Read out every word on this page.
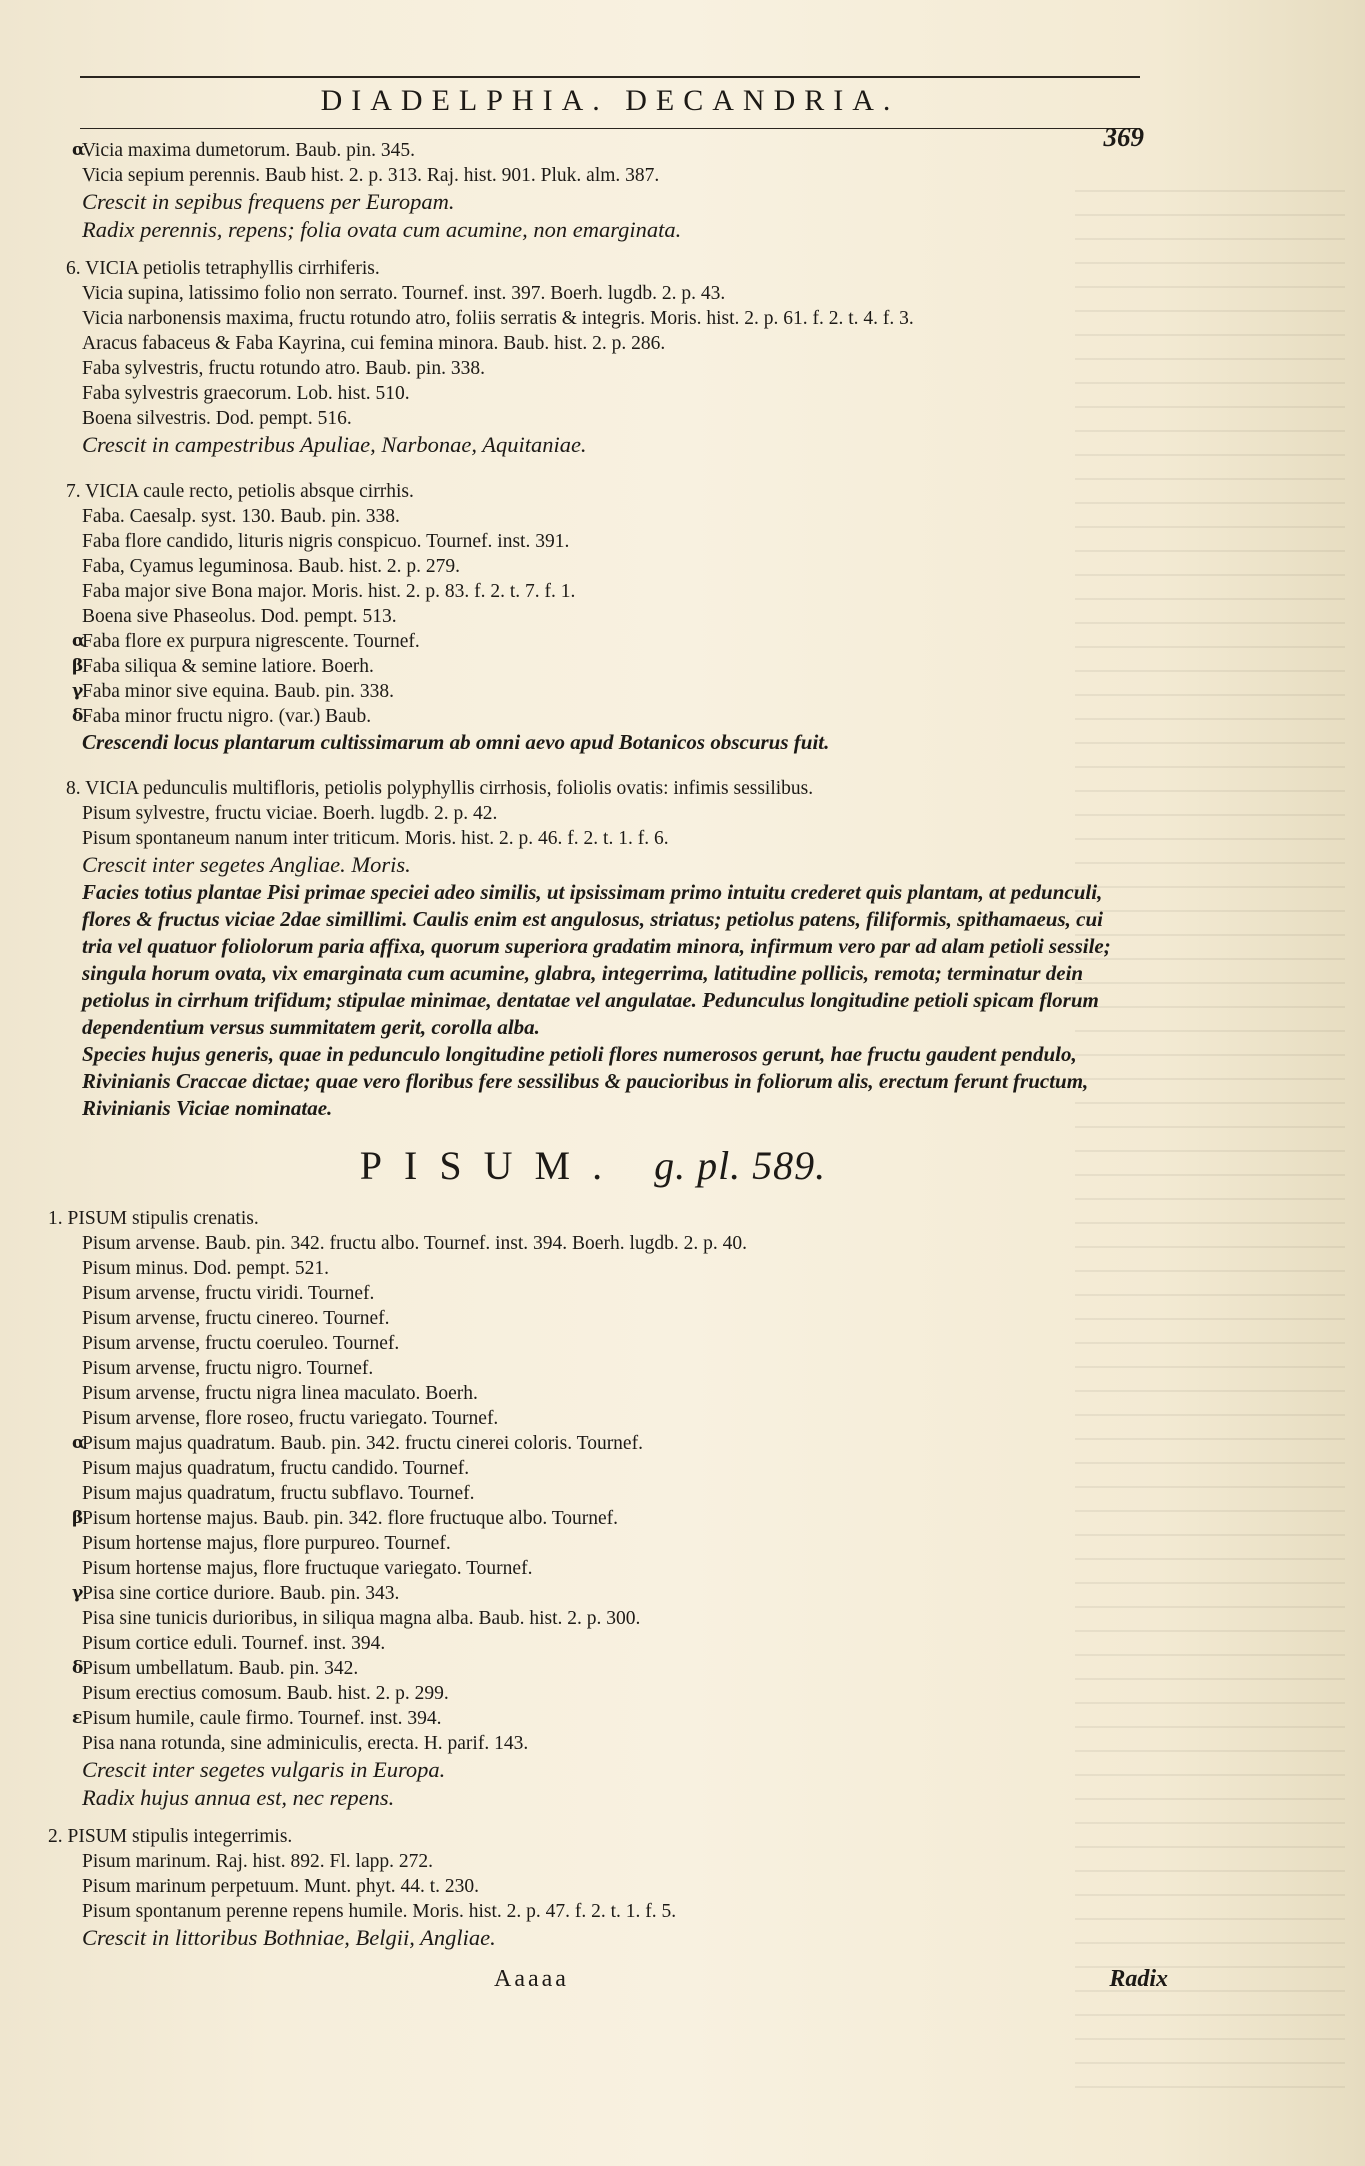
DIADELPHIA. DECANDRIA.
369
α
Vicia maxima dumetorum. Baub. pin. 345.
Vicia sepium perennis. Baub hist. 2. p. 313. Raj. hist. 901. Pluk. alm. 387.
Crescit in sepibus frequens per Europam.
Radix perennis, repens; folia ovata cum acumine, non emarginata.
6. VICIA petiolis tetraphyllis cirrhiferis.
Vicia supina, latissimo folio non serrato. Tournef. inst. 397. Boerh. lugdb. 2. p. 43.
Vicia narbonensis maxima, fructu rotundo atro, foliis serratis & integris. Moris. hist. 2. p. 61. f. 2. t. 4. f. 3.
Aracus fabaceus & Faba Kayrina, cui femina minora. Baub. hist. 2. p. 286.
Faba sylvestris, fructu rotundo atro. Baub. pin. 338.
Faba sylvestris graecorum. Lob. hist. 510.
Boena silvestris. Dod. pempt. 516.
Crescit in campestribus Apuliae, Narbonae, Aquitaniae.
7. VICIA caule recto, petiolis absque cirrhis.
Faba. Caesalp. syst. 130. Baub. pin. 338.
Faba flore candido, lituris nigris conspicuo. Tournef. inst. 391.
Faba, Cyamus leguminosa. Baub. hist. 2. p. 279.
Faba major sive Bona major. Moris. hist. 2. p. 83. f. 2. t. 7. f. 1.
Boena sive Phaseolus. Dod. pempt. 513.
α
Faba flore ex purpura nigrescente. Tournef.
β
Faba siliqua & semine latiore. Boerh.
γ
Faba minor sive equina. Baub. pin. 338.
δ
Faba minor fructu nigro. (var.) Baub.
Crescendi locus plantarum cultissimarum ab omni aevo apud Botanicos obscurus fuit.
8. VICIA pedunculis multifloris, petiolis polyphyllis cirrhosis, foliolis ovatis: infimis sessilibus.
Pisum sylvestre, fructu viciae. Boerh. lugdb. 2. p. 42.
Pisum spontaneum nanum inter triticum. Moris. hist. 2. p. 46. f. 2. t. 1. f. 6.
Crescit inter segetes Angliae. Moris.
Facies totius plantae Pisi primae speciei adeo similis, ut ipsissimam primo intuitu crederet quis plantam, at pedunculi, flores & fructus viciae 2dae simillimi. Caulis enim est angulosus, striatus; petiolus patens, filiformis, spithamaeus, cui tria vel quatuor foliolorum paria affixa, quorum superiora gradatim minora, infirmum vero par ad alam petioli sessile; singula horum ovata, vix emarginata cum acumine, glabra, integerrima, latitudine pollicis, remota; terminatur dein petiolus in cirrhum trifidum; stipulae minimae, dentatae vel angulatae. Pedunculus longitudine petioli spicam florum dependentium versus summitatem gerit, corolla alba.
Species hujus generis, quae in pedunculo longitudine petioli flores numerosos gerunt, hae fructu gaudent pendulo, Rivinianis Craccae dictae; quae vero floribus fere sessilibus & paucioribus in foliorum alis, erectum ferunt fructum, Rivinianis Viciae nominatae.
PISUM. g. pl. 589.
1. PISUM stipulis crenatis.
Pisum arvense. Baub. pin. 342. fructu albo. Tournef. inst. 394. Boerh. lugdb. 2. p. 40.
Pisum minus. Dod. pempt. 521.
Pisum arvense, fructu viridi. Tournef.
Pisum arvense, fructu cinereo. Tournef.
Pisum arvense, fructu coeruleo. Tournef.
Pisum arvense, fructu nigro. Tournef.
Pisum arvense, fructu nigra linea maculato. Boerh.
Pisum arvense, flore roseo, fructu variegato. Tournef.
α
Pisum majus quadratum. Baub. pin. 342. fructu cinerei coloris. Tournef.
Pisum majus quadratum, fructu candido. Tournef.
Pisum majus quadratum, fructu subflavo. Tournef.
β
Pisum hortense majus. Baub. pin. 342. flore fructuque albo. Tournef.
Pisum hortense majus, flore purpureo. Tournef.
Pisum hortense majus, flore fructuque variegato. Tournef.
γ
Pisa sine cortice duriore. Baub. pin. 343.
Pisa sine tunicis durioribus, in siliqua magna alba. Baub. hist. 2. p. 300.
Pisum cortice eduli. Tournef. inst. 394.
δ
Pisum umbellatum. Baub. pin. 342.
Pisum erectius comosum. Baub. hist. 2. p. 299.
ε Pisum humile, caule firmo. Tournef. inst. 394.
Pisa nana rotunda, sine adminiculis, erecta. H. parif. 143.
Crescit inter segetes vulgaris in Europa.
Radix hujus annua est, nec repens.
2. PISUM stipulis integerrimis.
Pisum marinum. Raj. hist. 892. Fl. lapp. 272.
Pisum marinum perpetuum. Munt. phyt. 44. t. 230.
Pisum spontanum perenne repens humile. Moris. hist. 2. p. 47. f. 2. t. 1. f. 5.
Crescit in littoribus Bothniae, Belgii, Angliae.
Aaaaa	Radix
